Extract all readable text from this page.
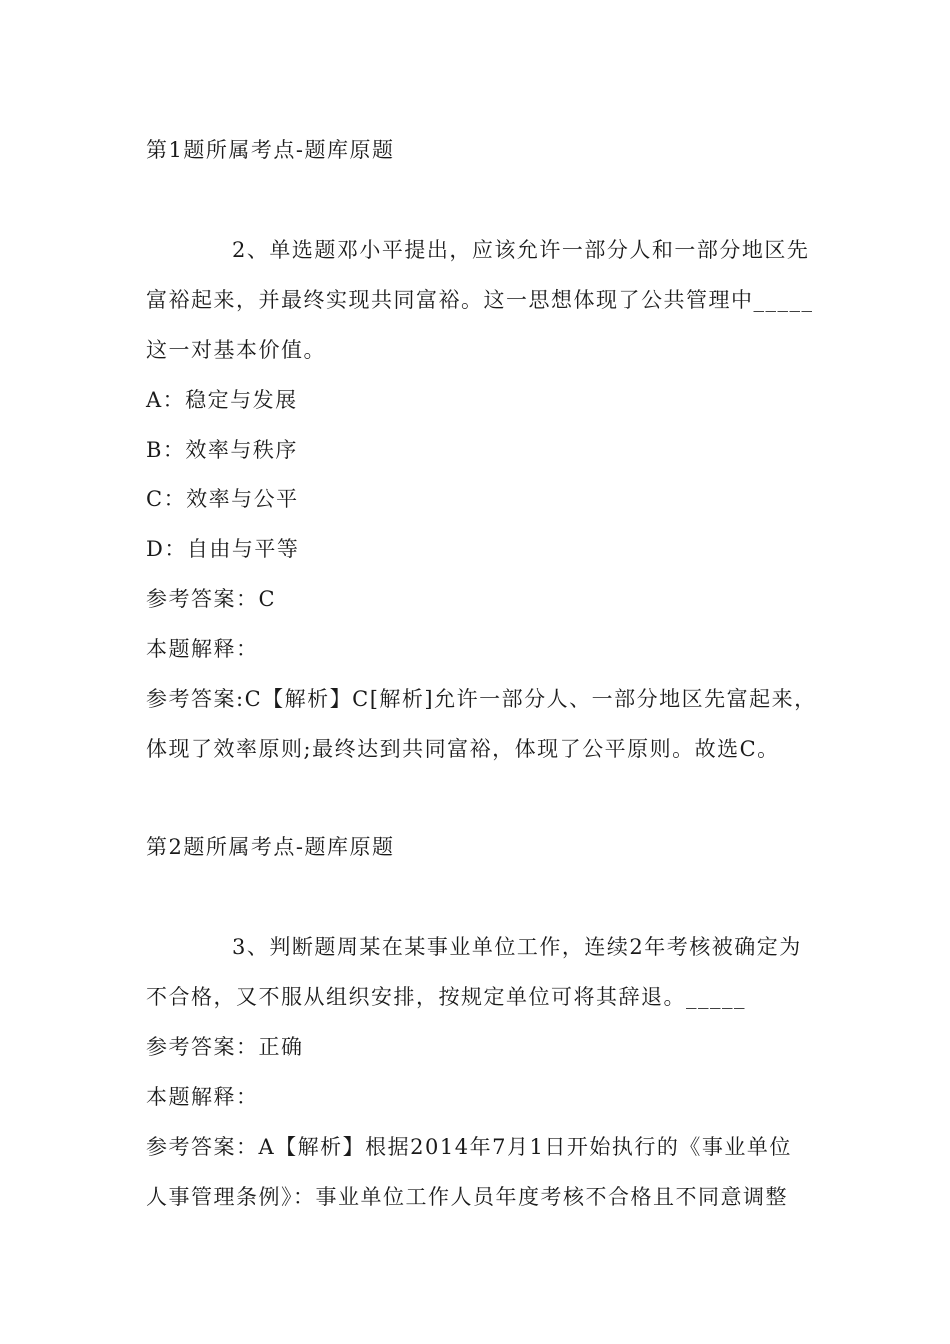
第1题所属考点-题库原题
2、单选题邓小平提出，应该允许一部分人和一部分地区先
富裕起来，并最终实现共同富裕。这一思想体现了公共管理中_____
这一对基本价值。
A：稳定与发展
B：效率与秩序
C：效率与公平
D：自由与平等
参考答案：C
本题解释：
参考答案:C【解析】C[解析]允许一部分人、一部分地区先富起来，
体现了效率原则;最终达到共同富裕，体现了公平原则。故选C。
第2题所属考点-题库原题
3、判断题周某在某事业单位工作，连续2年考核被确定为
不合格，又不服从组织安排，按规定单位可将其辞退。_____
参考答案：正确
本题解释：
参考答案：A【解析】根据2014年7月1日开始执行的《事业单位
人事管理条例》：事业单位工作人员年度考核不合格且不同意调整
